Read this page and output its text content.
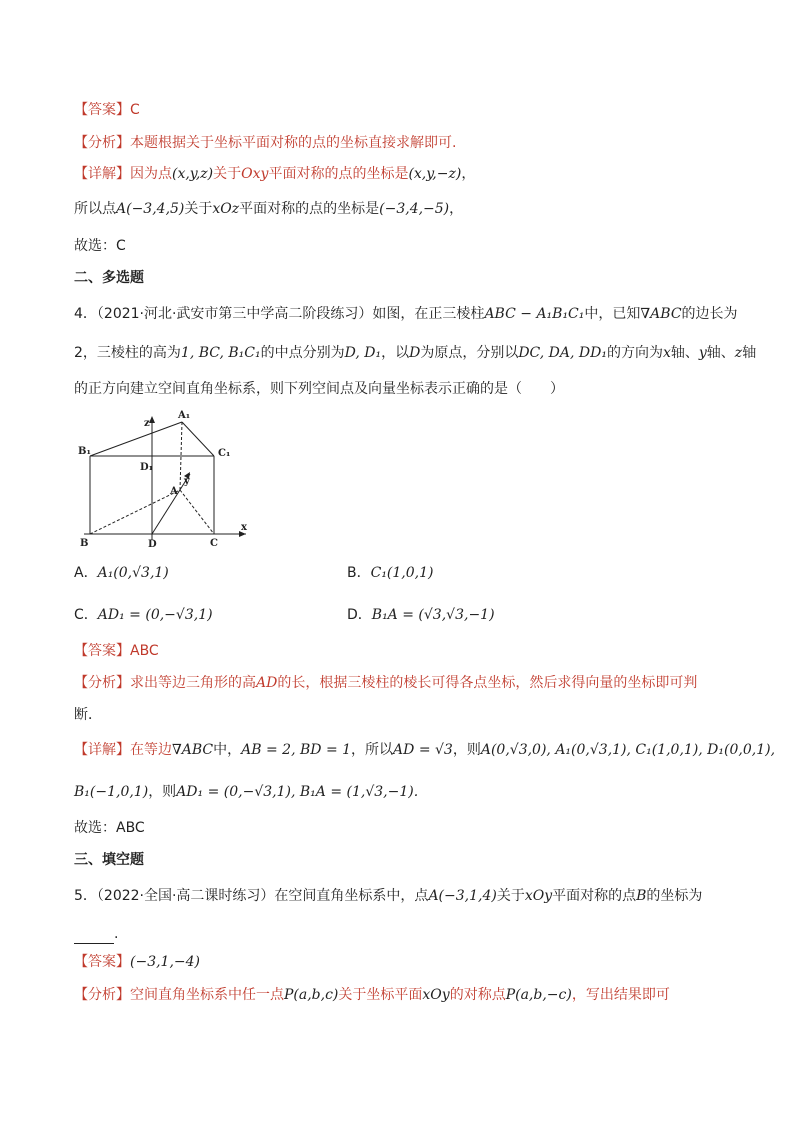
【答案】C
【分析】本题根据关于坐标平面对称的点的坐标直接求解即可.
【详解】因为点(x,y,z)关于Oxy平面对称的点的坐标是(x,y,−z)，
所以点A(−3,4,5)关于xOz平面对称的点的坐标是(−3,4,−5)，
故选：C
二、多选题
4．（2021·河北·武安市第三中学高二阶段练习）如图，在正三棱柱ABC − A₁B₁C₁中，已知∇ABC的边长为
2，三棱柱的高为1, BC, B₁C₁的中点分别为D, D₁，以D为原点，分别以DC, DA, DD₁的方向为x轴、y轴、z轴
的正方向建立空间直角坐标系，则下列空间点及向量坐标表示正确的是（　　）
A₁
B₁	C₁
D₁
A
B	C
D
x
y
z
A．A₁(0,√3,1)	B．C₁(1,0,1)
C．AD₁ = (0,−√3,1)	D．B₁A = (√3,√3,−1)
【答案】ABC
【分析】求出等边三角形的高AD的长，根据三棱柱的棱长可得各点坐标，然后求得向量的坐标即可判
断．
【详解】在等边∇ABC中，AB = 2, BD = 1，所以AD = √3，则A(0,√3,0), A₁(0,√3,1), C₁(1,0,1), D₁(0,0,1),
B₁(−1,0,1)，则AD₁ = (0,−√3,1), B₁A = (1,√3,−1).
故选：ABC
三、填空题
5．（2022·全国·高二课时练习）在空间直角坐标系中，点A(−3,1,4)关于xOy平面对称的点B的坐标为
.
【答案】(−3,1,−4)
【分析】空间直角坐标系中任一点P(a,b,c)关于坐标平面xOy的对称点P(a,b,−c)，写出结果即可
